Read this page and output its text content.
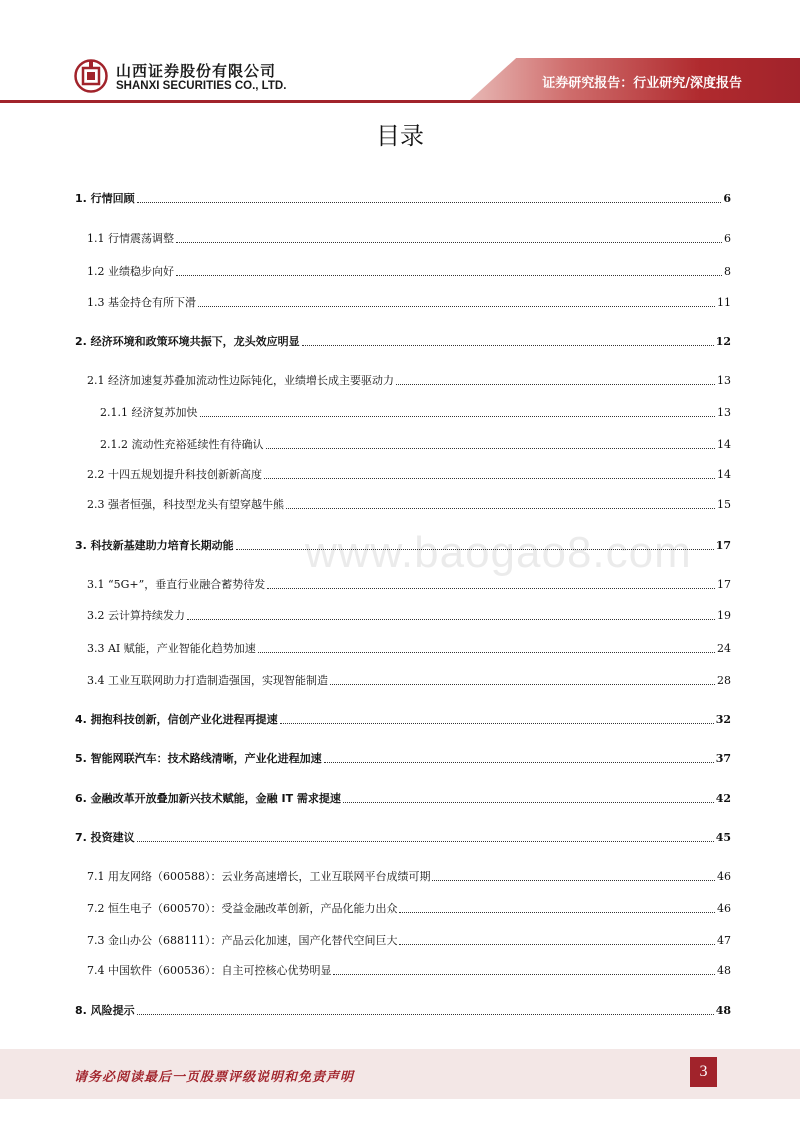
山西证券股份有限公司
SHANXI SECURITIES CO., LTD.	证券研究报告：行业研究/深度报告
目录
www.baogao8.com
1. 行情回顾	6
1.1 行情震荡调整	6
1.2 业绩稳步向好	8
1.3 基金持仓有所下滑	11
2. 经济环境和政策环境共振下，龙头效应明显	12
2.1 经济加速复苏叠加流动性边际钝化，业绩增长成主要驱动力	13
2.1.1 经济复苏加快	13
2.1.2 流动性充裕延续性有待确认	14
2.2 十四五规划提升科技创新新高度	14
2.3 强者恒强，科技型龙头有望穿越牛熊	15
3. 科技新基建助力培育长期动能	17
3.1 “5G+”，垂直行业融合蓄势待发	17
3.2 云计算持续发力	19
3.3 AI 赋能，产业智能化趋势加速	24
3.4 工业互联网助力打造制造强国，实现智能制造	28
4. 拥抱科技创新，信创产业化进程再提速	32
5. 智能网联汽车：技术路线清晰，产业化进程加速	37
6. 金融改革开放叠加新兴技术赋能，金融 IT 需求提速	42
7. 投资建议	45
7.1 用友网络（600588）：云业务高速增长，工业互联网平台成绩可期	46
7.2 恒生电子（600570）：受益金融改革创新，产品化能力出众	46
7.3 金山办公（688111）：产品云化加速，国产化替代空间巨大	47
7.4 中国软件（600536）：自主可控核心优势明显	48
8. 风险提示	48
请务必阅读最后一页股票评级说明和免责声明	3
